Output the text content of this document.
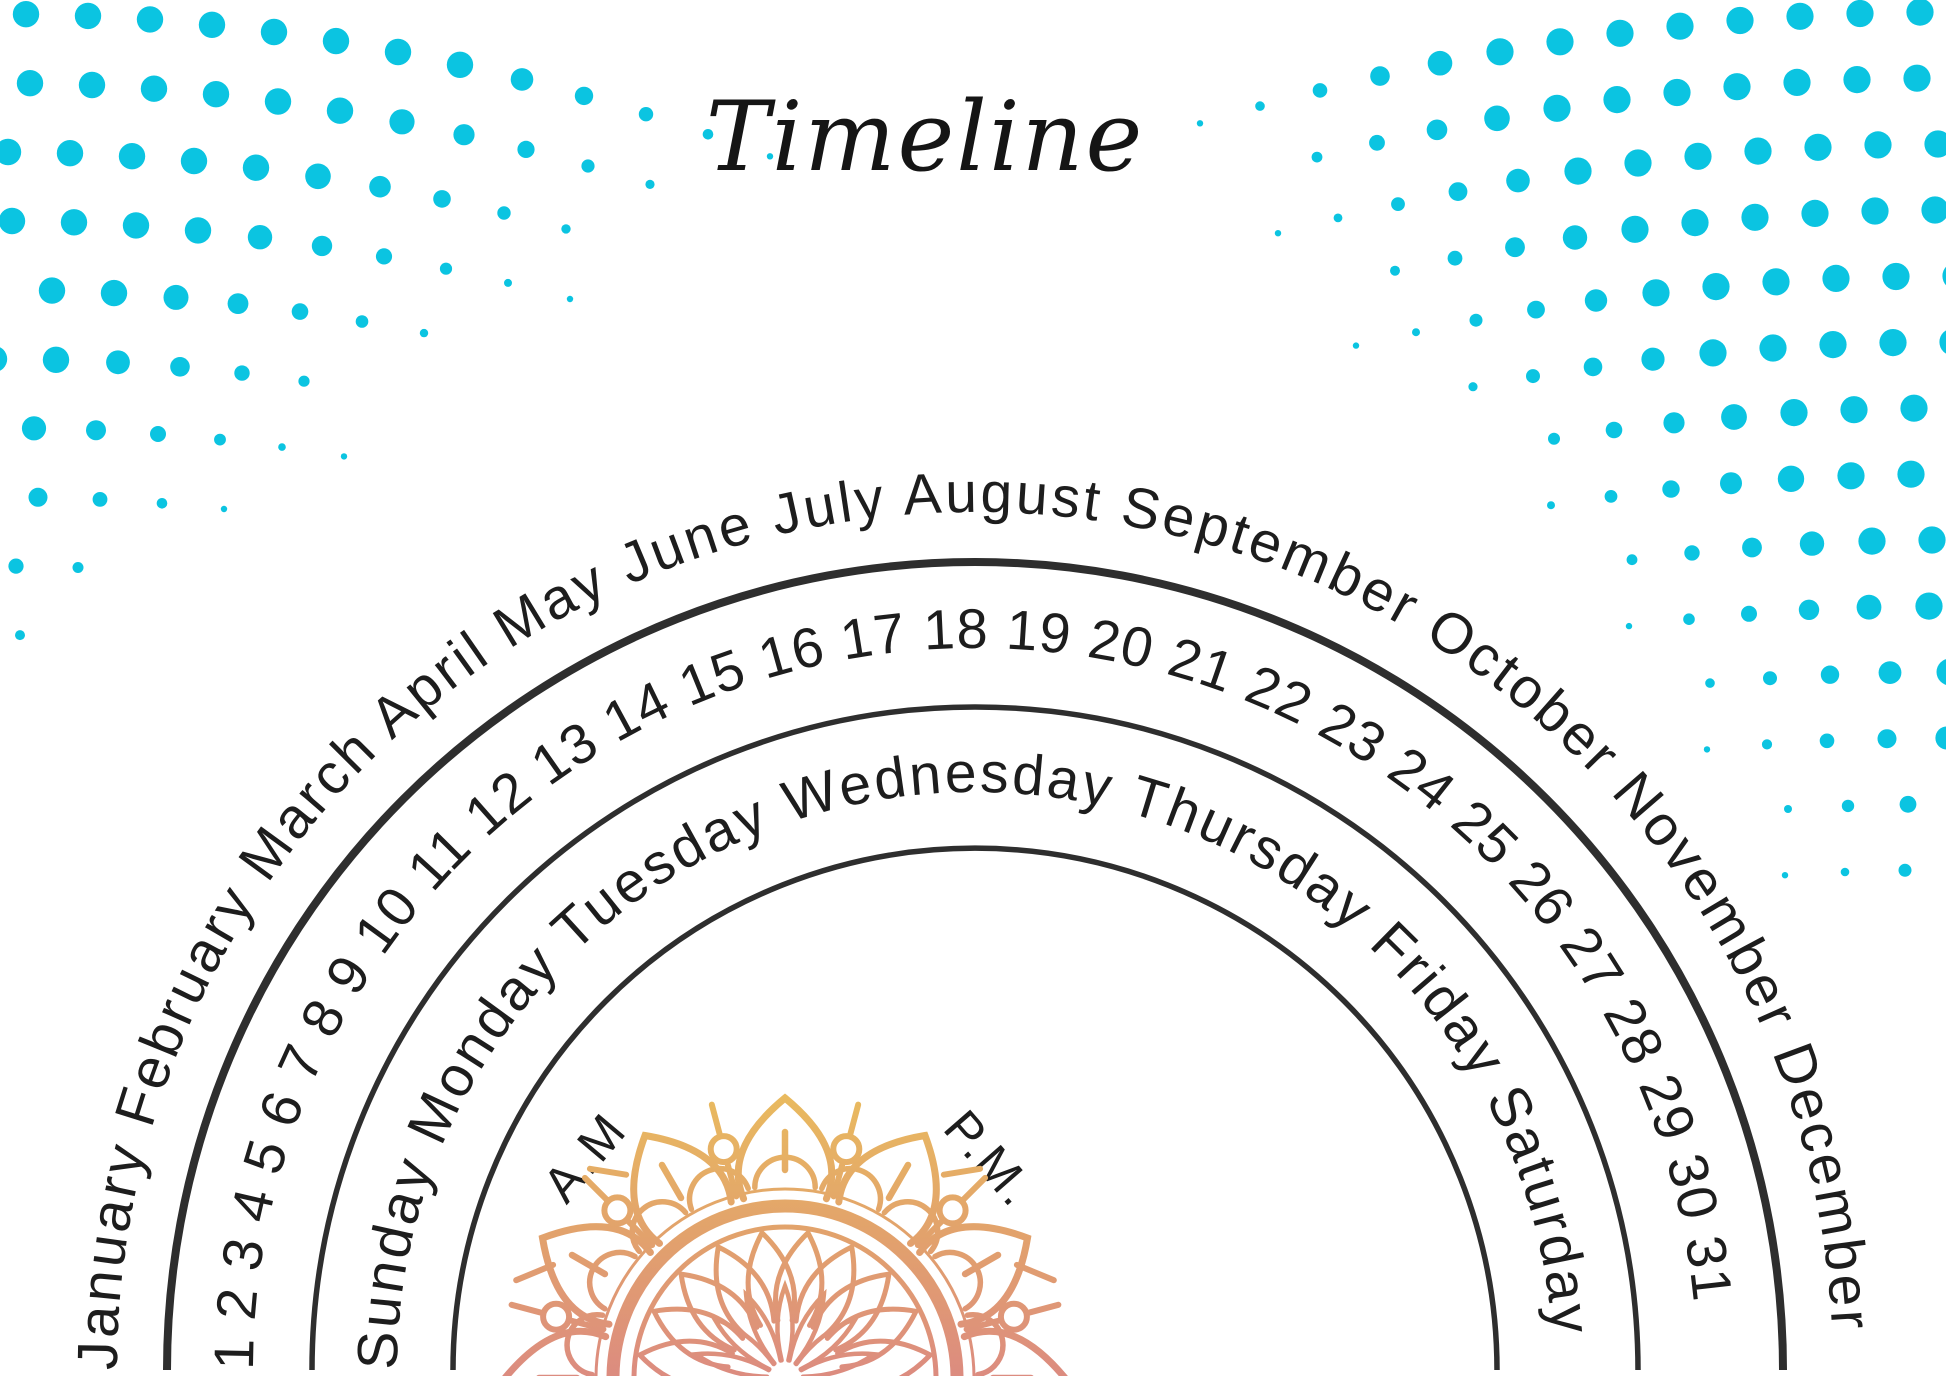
January February March April May June July August September October November December
1 2 3 4 5 6 7 8 9 10 11 12 13 14 15 16 17 18 19 20 21 22 23 24 25 26 27 28 29 30 31
Sunday Monday Tuesday Wednesday Thursday Friday Saturday
A.M	P.M.
Timeline
